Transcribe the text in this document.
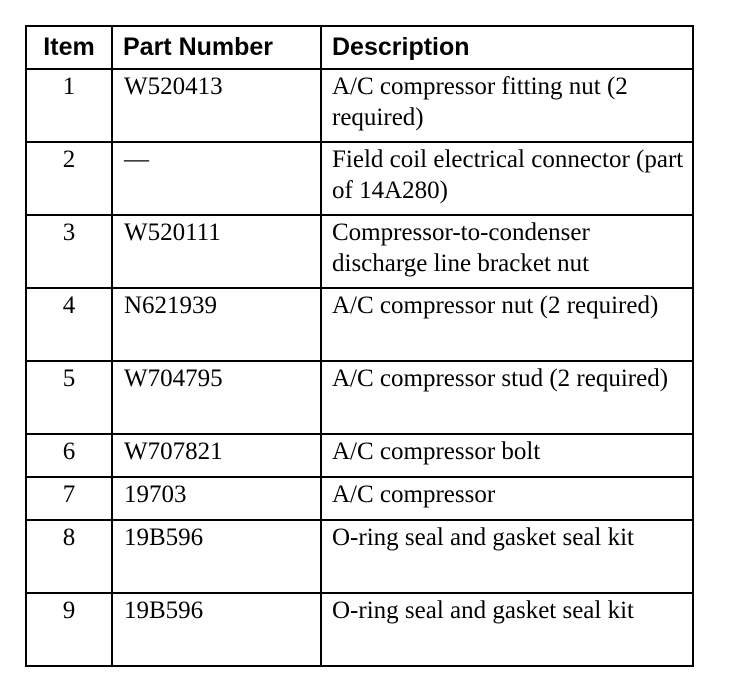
Item	Part Number	Description
1	W520413	A/C compressor fitting nut (2 required)
2	—	Field coil electrical connector (part of 14A280)
3	W520111	Compressor-to-condenser discharge line bracket nut
4	N621939	A/C compressor nut (2 required)
5	W704795	A/C compressor stud (2 required)
6	W707821	A/C compressor bolt
7	19703	A/C compressor
8	19B596	O-ring seal and gasket seal kit
9	19B596	O-ring seal and gasket seal kit
